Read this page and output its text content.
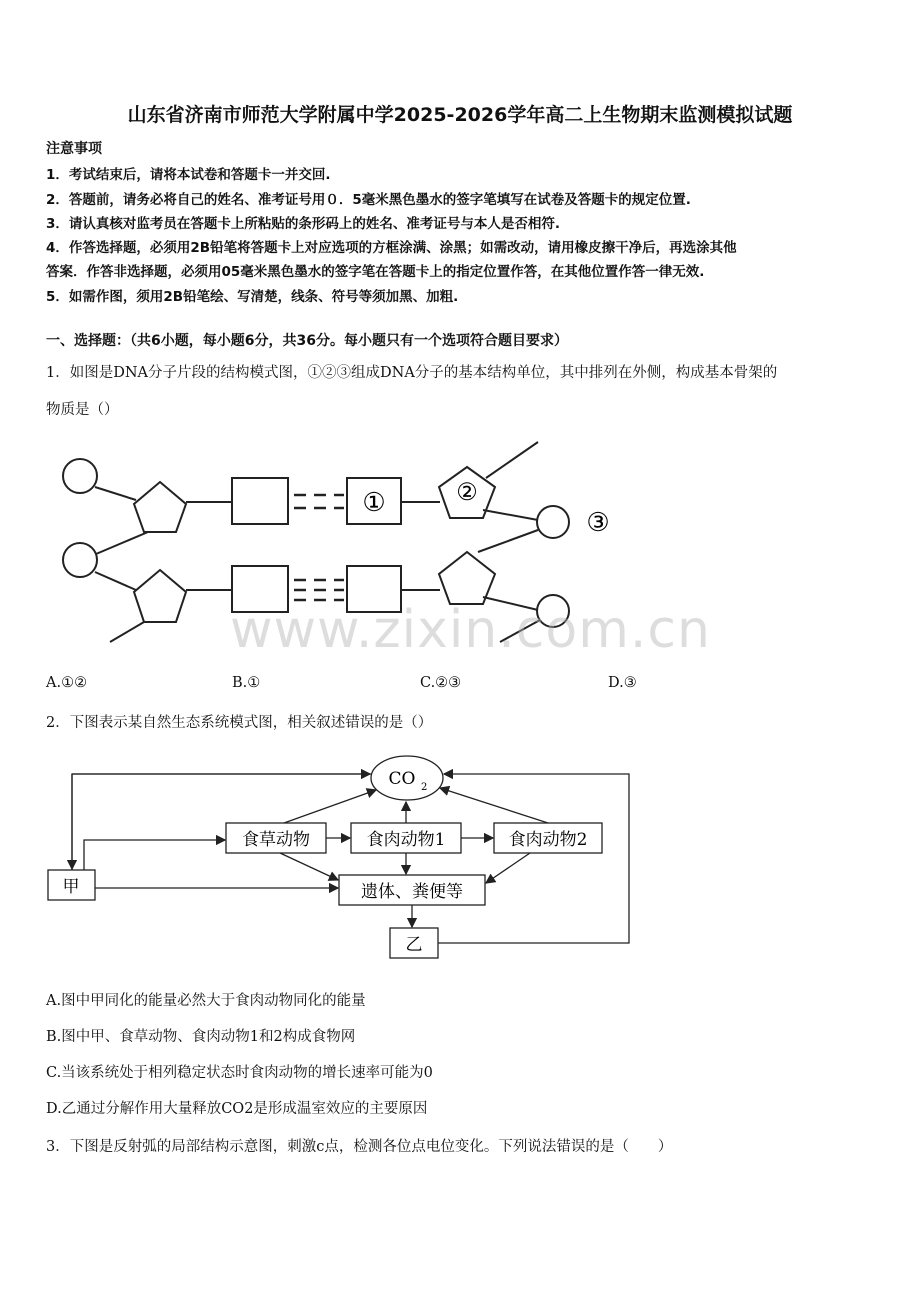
山东省济南市师范大学附属中学2025-2026学年高二上生物期末监测模拟试题
注意事项
1．考试结束后，请将本试卷和答题卡一并交回.
2．答题前，请务必将自己的姓名、准考证号用０．5毫米黑色墨水的签字笔填写在试卷及答题卡的规定位置.
3．请认真核对监考员在答题卡上所粘贴的条形码上的姓名、准考证号与本人是否相符.
4．作答选择题，必须用2B铅笔将答题卡上对应选项的方框涂满、涂黑；如需改动，请用橡皮擦干净后，再选涂其他
答案．作答非选择题，必须用05毫米黑色墨水的签字笔在答题卡上的指定位置作答，在其他位置作答一律无效.
5．如需作图，须用2B铅笔绘、写清楚，线条、符号等须加黑、加粗.
一、选择题：（共6小题，每小题6分，共36分。每小题只有一个选项符合题目要求）
1．如图是DNA分子片段的结构模式图，①②③组成DNA分子的基本结构单位，其中排列在外侧，构成基本骨架的
物质是（）
①	②
③
www.zixin.com.cn
A.①②	B.①	C.②③	D.③
2．下图表示某自然生态系统模式图，相关叙述错误的是（）
CO 2
食草动物	食肉动物1	食肉动物2
遗体、粪便等
甲
乙
A.图中甲同化的能量必然大于食肉动物同化的能量
B.图中甲、食草动物、食肉动物1和2构成食物网
C.当该系统处于相列稳定状态时食肉动物的增长速率可能为0
D.乙通过分解作用大量释放CO2是形成温室效应的主要原因
3．下图是反射弧的局部结构示意图，刺激c点，检测各位点电位变化。下列说法错误的是（　　）
